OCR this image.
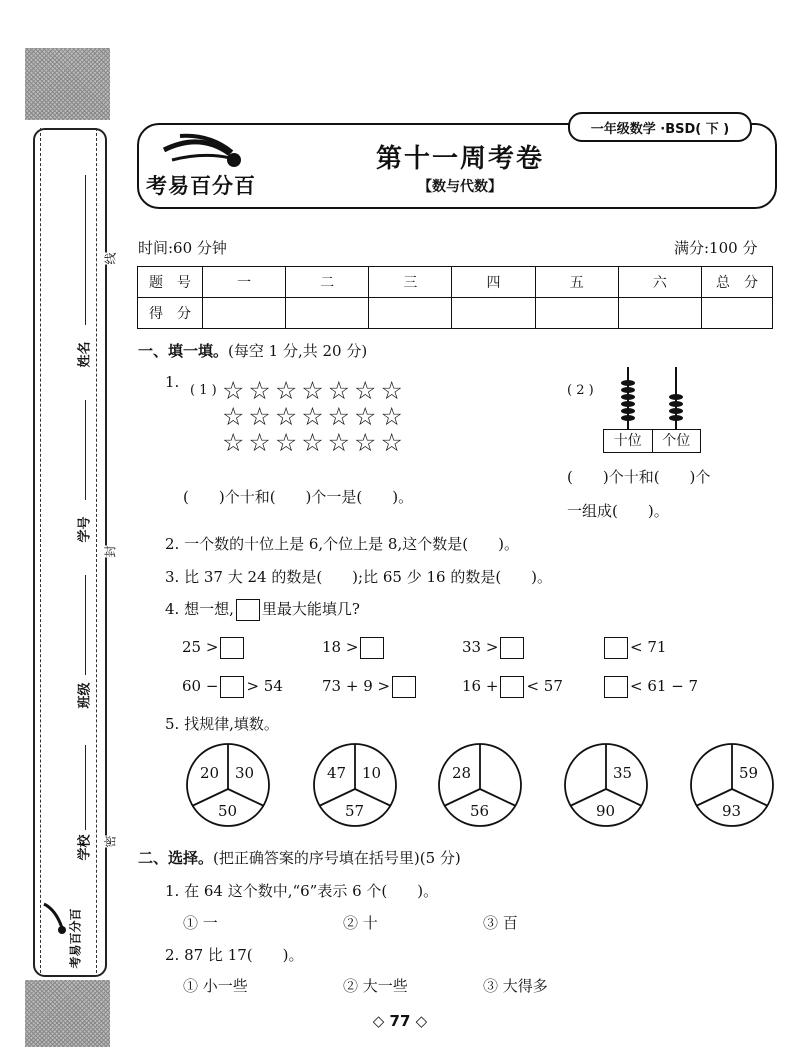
姓名
学号
班级
学校
考易百分百
线
封
密
一年级数学 ·BSD( 下 )
考易百分百
第十一周考卷
【数与代数】
时间:60 分钟	满分:100 分
题　号	一	二	三	四	五	六	总　分
得　分							
一、填一填。(每空 1 分,共 20 分)
1. ( 1 ) ☆☆☆☆☆☆☆
☆☆☆☆☆☆☆
☆☆☆☆☆☆☆
(　　)个十和(　　)个一是(　　)。
( 2 )
十位	个位
(　　)个十和(　　)个
一组成(　　)。
2. 一个数的十位上是 6,个位上是 8,这个数是(　　)。
3. 比 37 大 24 的数是(　　);比 65 少 16 的数是(　　)。
4. 想一想, 里最大能填几?
25 >	18 >	33 >	< 71
60 − > 54	73 + 9 >	16 + < 57	< 61 − 7
5. 找规律,填数。
20 30
50
47 10
57
28
56
35
90
59
93
二、选择。(把正确答案的序号填在括号里)(5 分)
1. 在 64 这个数中,“6”表示 6 个(　　)。
① 一	② 十	③ 百
2. 87 比 17(　　)。
① 小一些	② 大一些	③ 大得多
◇ 77 ◇
